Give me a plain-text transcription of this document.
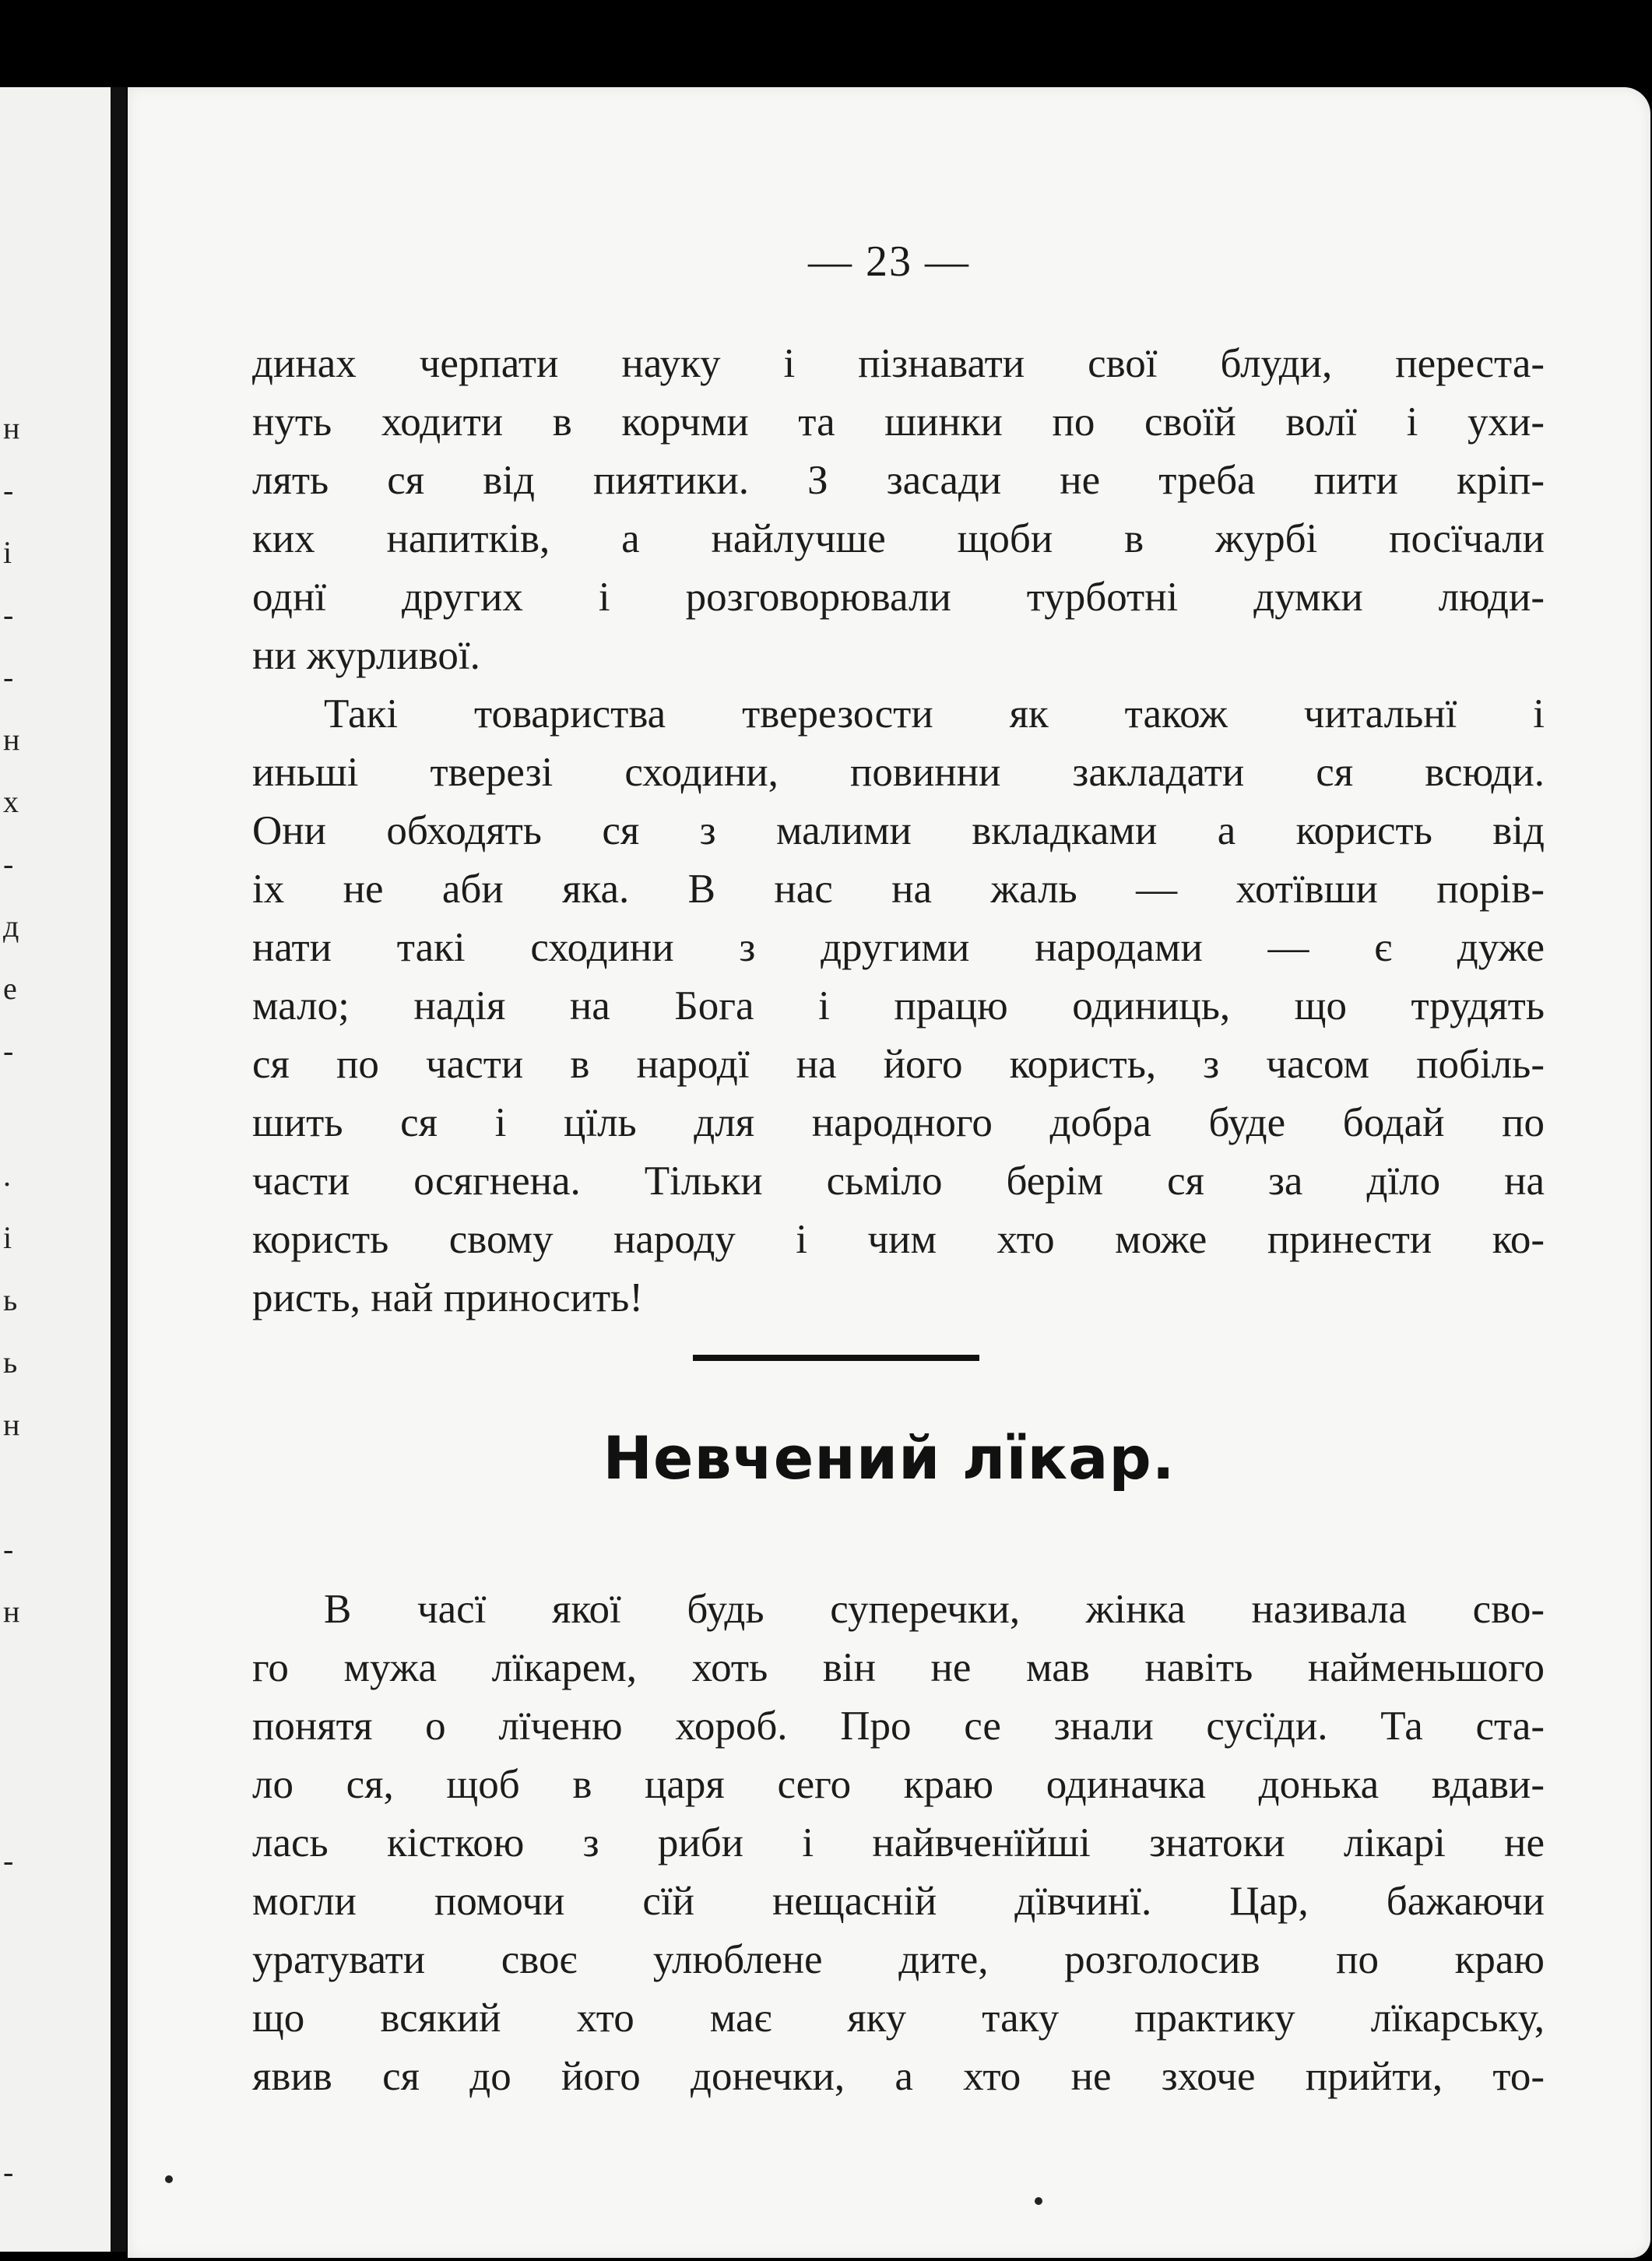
н
-
і
-
-
н
х
-
д
е
-
.
і
ь
ь
н
-
н
-
-

— 23 —

динах черпати науку і пізнавати свої блуди, переста-
нуть ходити в корчми та шинки по своїй волї і ухи-
лять ся від пиятики. З засади не треба пити кріп-
ких напитків, а найлучше щоби в журбі посїчали
однї других і розговорювали турботні думки люди-
ни журливої.
Такі товариства тверезости як також читальнї і
иньші тверезі сходини, повинни закладати ся всюди.
Они обходять ся з малими вкладками а користь від
іх не аби яка. В нас на жаль — хотївши порів-
нати такі сходини з другими народами — є дуже
мало; надія на Бога і працю одиниць, що трудять
ся по части в народї на його користь, з часом побіль-
шить ся і цїль для народного добра буде бодай по
части осягнена. Тільки сьміло берім ся за дїло на
користь свому народу і чим хто може принести ко-
ристь, най приносить!
Невчений лїкар.
В часї якої будь суперечки, жінка називала сво-
го мужа лїкарем, хоть він не мав навіть найменьшого
понятя о лїченю хороб. Про се знали сусїди. Та ста-
ло ся, щоб в царя сего краю одиначка донька вдави-
лась кісткою з риби і найвченїйші знатоки лікарі не
могли помочи сїй нещасній дївчинї. Цар, бажаючи
уратувати своє улюблене дите, розголосив по краю
що всякий хто має яку таку практику лїкарську,
явив ся до його донечки, а хто не зхоче прийти, то-
